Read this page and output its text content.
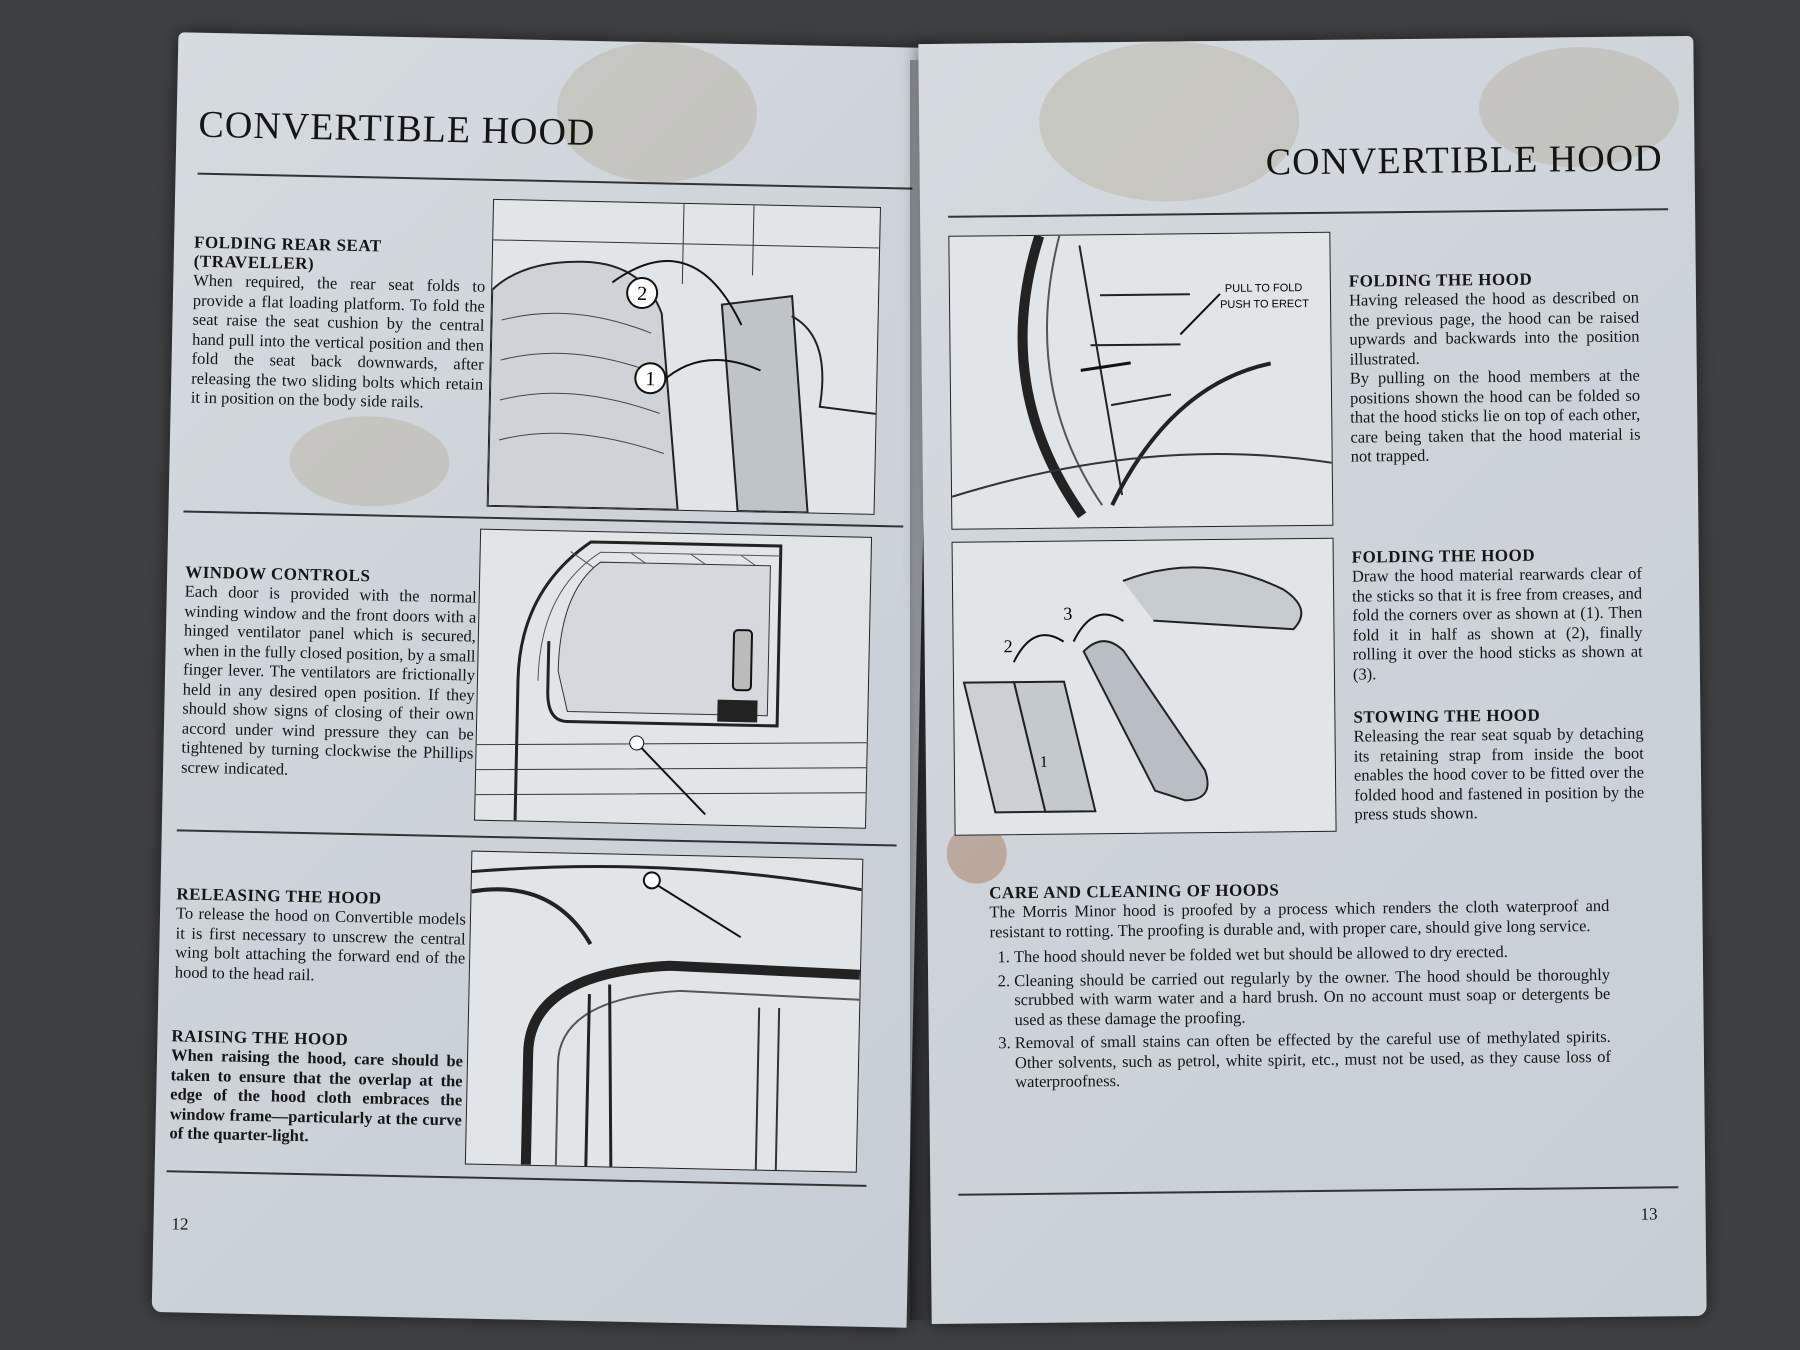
CONVERTIBLE HOOD
FOLDING REAR SEAT (TRAVELLER)

When required, the rear seat folds to provide a flat loading platform. To fold the seat raise the seat cushion by the central hand pull into the vertical position and then fold the seat back downwards, after releasing the two sliding bolts which retain it in position on the body side rails.

2
1
WINDOW CONTROLS

Each door is provided with the normal winding window and the front doors with a hinged ventilator panel which is secured, when in the fully closed position, by a small finger lever. The ventilators are frictionally held in any desired open position. If they should show signs of closing of their own accord under wind pressure they can be tightened by turning clockwise the Phillips screw indicated.

RELEASING THE HOOD

To release the hood on Convertible models it is first necessary to unscrew the central wing bolt attaching the forward end of the hood to the head rail.

RAISING THE HOOD

When raising the hood, care should be taken to ensure that the overlap at the edge of the hood cloth embraces the window frame—particularly at the curve of the quarter-light.

12
CONVERTIBLE HOOD
PULL TO FOLD
PUSH TO ERECT
FOLDING THE HOOD

Having released the hood as described on the previous page, the hood can be raised upwards and backwards into the position illustrated.

By pulling on the hood members at the positions shown the hood can be folded so that the hood sticks lie on top of each other, care being taken that the hood material is not trapped.

2
3
1
FOLDING THE HOOD

Draw the hood material rearwards clear of the sticks so that it is free from creases, and fold the corners over as shown at (1). Then fold it in half as shown at (2), finally rolling it over the hood sticks as shown at (3).

STOWING THE HOOD

Releasing the rear seat squab by detaching its retaining strap from inside the boot enables the hood cover to be fitted over the folded hood and fastened in position by the press studs shown.

CARE AND CLEANING OF HOODS

The Morris Minor hood is proofed by a process which renders the cloth waterproof and resistant to rotting. The proofing is durable and, with proper care, should give long service.

1. The hood should never be folded wet but should be allowed to dry erected.
2. Cleaning should be carried out regularly by the owner. The hood should be thoroughly scrubbed with warm water and a hard brush. On no account must soap or detergents be used as these damage the proofing.
3. Removal of small stains can often be effected by the careful use of methylated spirits. Other solvents, such as petrol, white spirit, etc., must not be used, as they cause loss of waterproofness.
13
